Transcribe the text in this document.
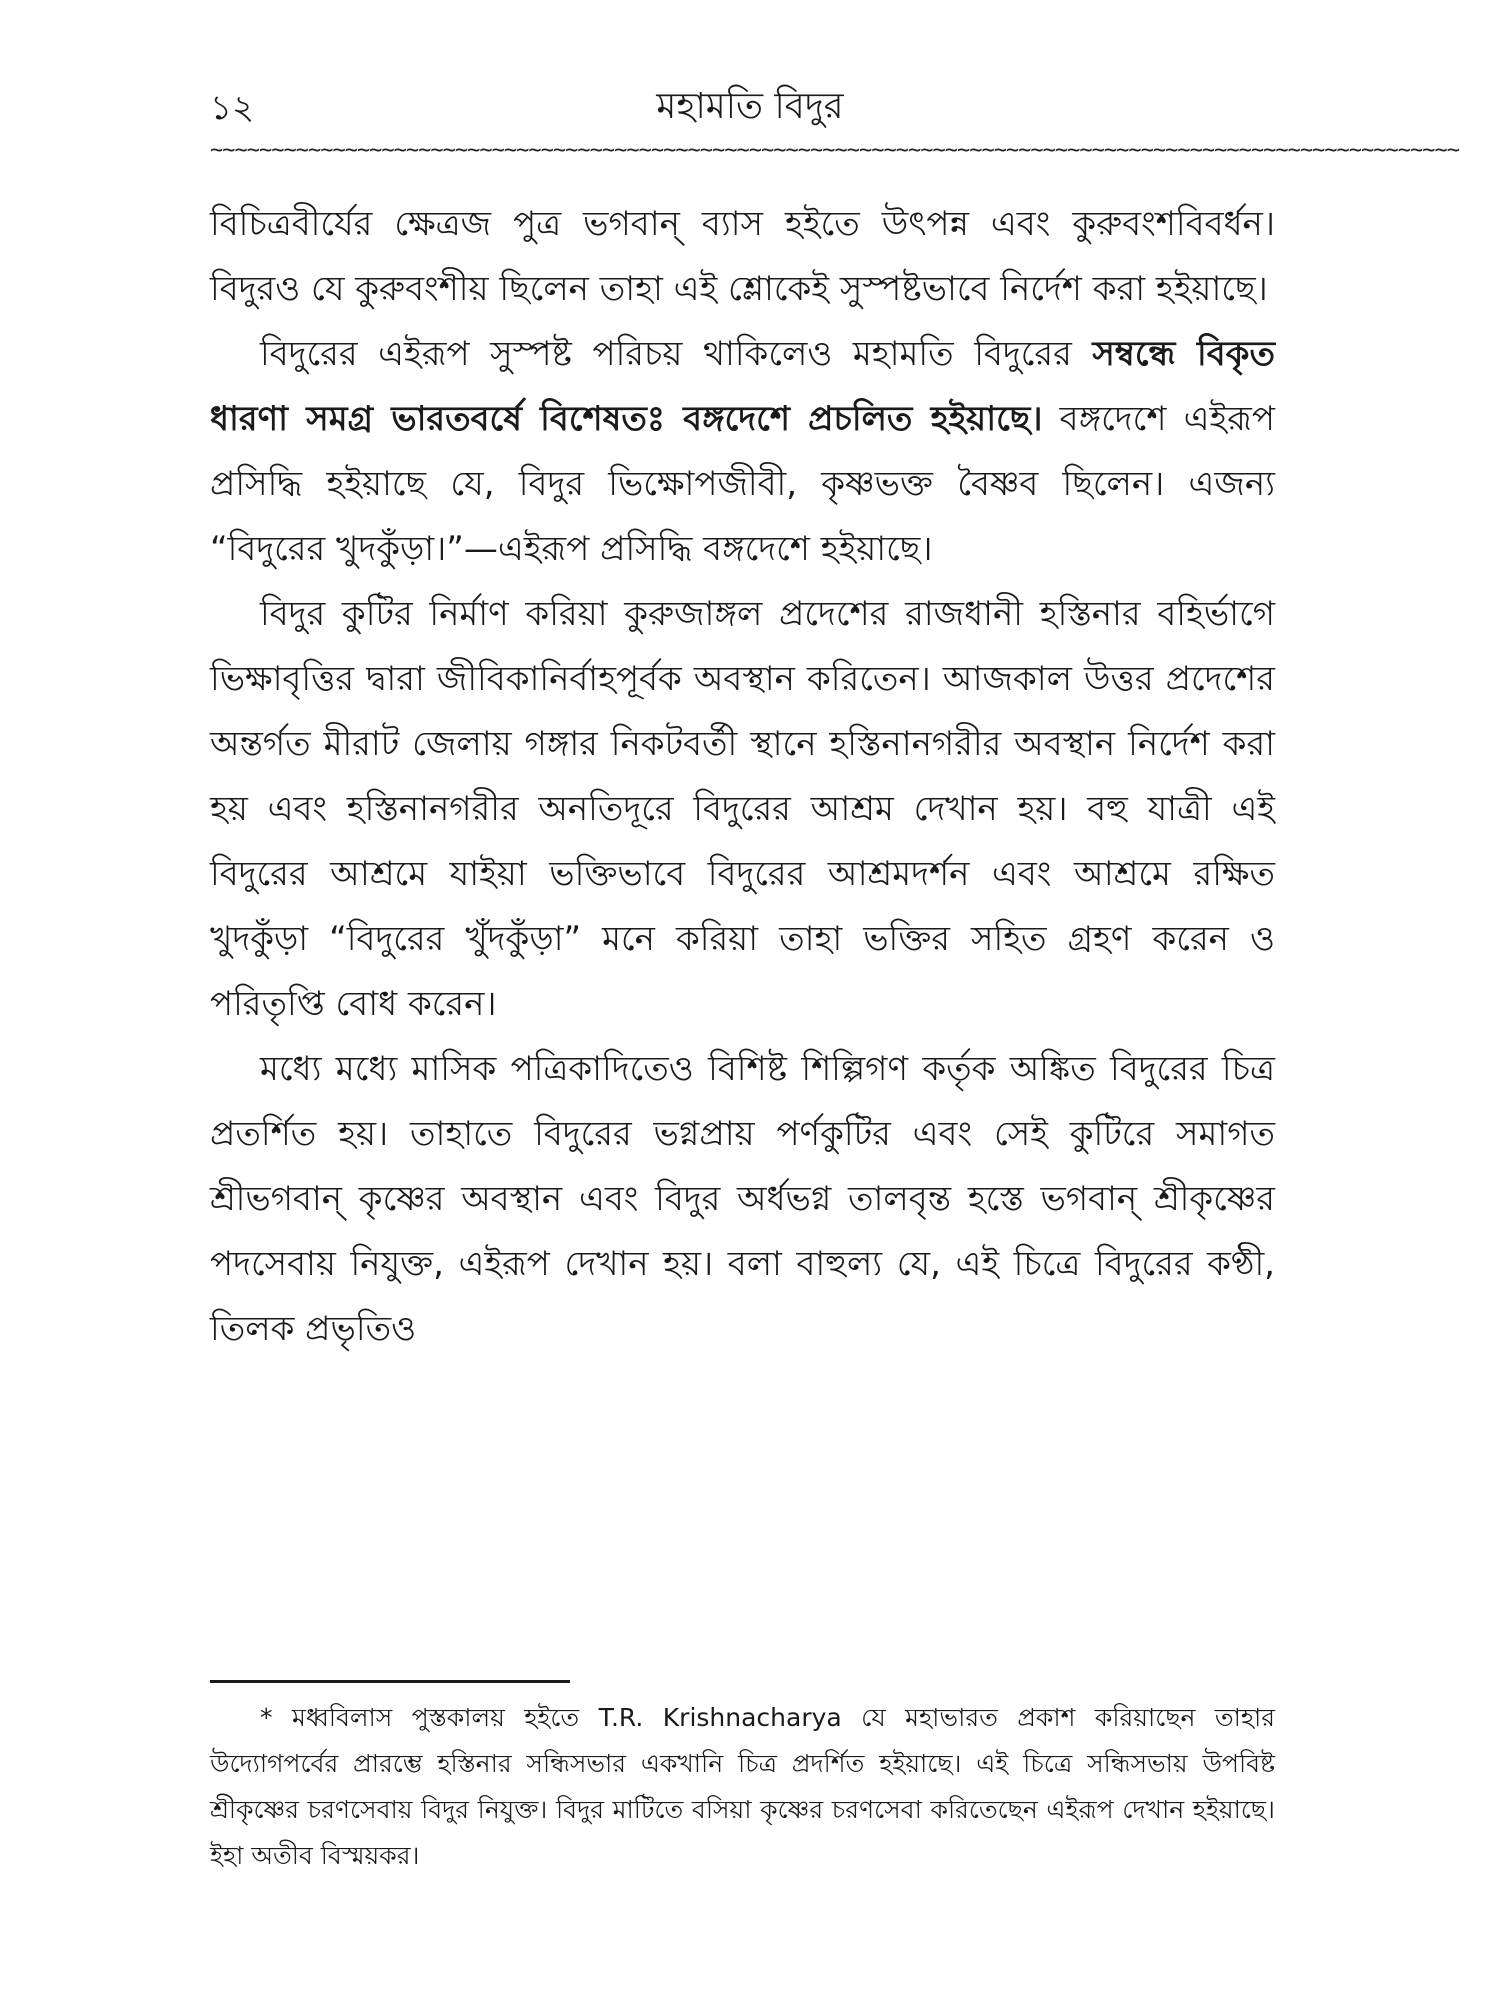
১২	মহামতি বিদুর
~~~~~~~~~~~~~~~~~~~~~~~~~~~~~~~~~~~~~~~~~~~~~~~~~~~~~~~~~~~~~~~~~~~~~~~~~~~~~~~~~~~~~~~~~~~~~~~~~~~~~~

বিচিত্রবীর্যের ক্ষেত্রজ পুত্র ভগবান্ ব্যাস হইতে উৎপন্ন এবং কুরুবংশবিবর্ধন। বিদুরও যে কুরুবংশীয় ছিলেন তাহা এই শ্লোকেই সুস্পষ্টভাবে নির্দেশ করা হইয়াছে।

বিদুরের এইরূপ সুস্পষ্ট পরিচয় থাকিলেও মহামতি বিদুরের সম্বন্ধে বিকৃত ধারণা সমগ্র ভারতবর্ষে বিশেষতঃ বঙ্গদেশে প্রচলিত হইয়াছে। বঙ্গদেশে এইরূপ প্রসিদ্ধি হইয়াছে যে, বিদুর ভিক্ষোপজীবী, কৃষ্ণভক্ত বৈষ্ণব ছিলেন। এজন্য “বিদুরের খুদকুঁড়া।”—এইরূপ প্রসিদ্ধি বঙ্গদেশে হইয়াছে।

বিদুর কুটির নির্মাণ করিয়া কুরুজাঙ্গল প্রদেশের রাজধানী হস্তিনার বহির্ভাগে ভিক্ষাবৃত্তির দ্বারা জীবিকানির্বাহপূর্বক অবস্থান করিতেন। আজকাল উত্তর প্রদেশের অন্তর্গত মীরাট জেলায় গঙ্গার নিকটবর্তী স্থানে হস্তিনানগরীর অবস্থান নির্দেশ করা হয় এবং হস্তিনানগরীর অনতিদূরে বিদুরের আশ্রম দেখান হয়। বহু যাত্রী এই বিদুরের আশ্রমে যাইয়া ভক্তিভাবে বিদুরের আশ্রমদর্শন এবং আশ্রমে রক্ষিত খুদকুঁড়া “বিদুরের খুঁদকুঁড়া” মনে করিয়া তাহা ভক্তির সহিত গ্রহণ করেন ও পরিতৃপ্তি বোধ করেন।

মধ্যে মধ্যে মাসিক পত্রিকাদিতেও বিশিষ্ট শিল্পিগণ কর্তৃক অঙ্কিত বিদুরের চিত্র প্রতর্শিত হয়। তাহাতে বিদুরের ভগ্নপ্রায় পর্ণকুটির এবং সেই কুটিরে সমাগত শ্রীভগবান্ কৃষ্ণের অবস্থান এবং বিদুর অর্ধভগ্ন তালবৃন্ত হস্তে ভগবান্ শ্রীকৃষ্ণের পদসেবায় নিযুক্ত, এইরূপ দেখান হয়। বলা বাহুল্য যে, এই চিত্রে বিদুরের কণ্ঠী, তিলক প্রভৃতিও

* মধ্ববিলাস পুস্তকালয় হইতে T.R. Krishnacharya যে মহাভারত প্রকাশ করিয়াছেন তাহার উদ্যোগপর্বের প্রারম্ভে হস্তিনার সন্ধিসভার একখানি চিত্র প্রদর্শিত হইয়াছে। এই চিত্রে সন্ধিসভায় উপবিষ্ট শ্রীকৃষ্ণের চরণসেবায় বিদুর নিযুক্ত। বিদুর মাটিতে বসিয়া কৃষ্ণের চরণসেবা করিতেছেন এইরূপ দেখান হইয়াছে। ইহা অতীব বিস্ময়কর।
